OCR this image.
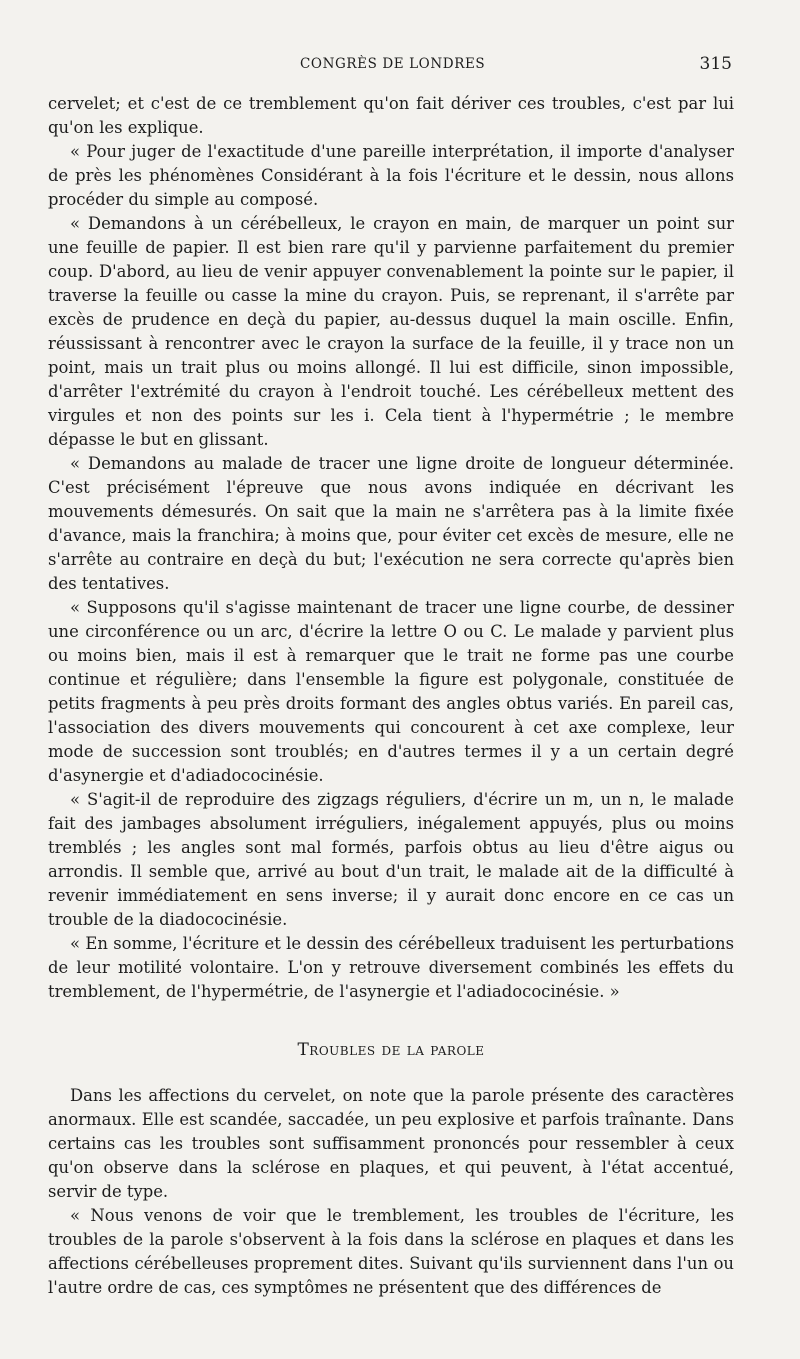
CONGRÈS DE LONDRES	315

cervelet; et c'est de ce tremblement qu'on fait dériver ces troubles, c'est par lui qu'on les explique.

« Pour juger de l'exactitude d'une pareille interprétation, il importe d'analyser de près les phénomènes Considérant à la fois l'écriture et le dessin, nous allons procéder du simple au composé.

« Demandons à un cérébelleux, le crayon en main, de marquer un point sur une feuille de papier. Il est bien rare qu'il y parvienne parfaitement du premier coup. D'abord, au lieu de venir appuyer convenablement la pointe sur le papier, il traverse la feuille ou casse la mine du crayon. Puis, se reprenant, il s'arrête par excès de prudence en deçà du papier, au-dessus duquel la main oscille. Enfin, réussissant à rencontrer avec le crayon la surface de la feuille, il y trace non un point, mais un trait plus ou moins allongé. Il lui est difficile, sinon impossible, d'arrêter l'extrémité du crayon à l'endroit touché. Les cérébelleux mettent des virgules et non des points sur les i. Cela tient à l'hypermétrie ; le membre dépasse le but en glissant.

« Demandons au malade de tracer une ligne droite de longueur déterminée. C'est précisément l'épreuve que nous avons indiquée en décrivant les mouvements démesurés. On sait que la main ne s'arrêtera pas à la limite fixée d'avance, mais la franchira; à moins que, pour éviter cet excès de mesure, elle ne s'arrête au contraire en deçà du but; l'exécution ne sera correcte qu'après bien des tentatives.

« Supposons qu'il s'agisse maintenant de tracer une ligne courbe, de dessiner une circonférence ou un arc, d'écrire la lettre O ou C. Le malade y parvient plus ou moins bien, mais il est à remarquer que le trait ne forme pas une courbe continue et régulière; dans l'ensemble la figure est polygonale, constituée de petits fragments à peu près droits formant des angles obtus variés. En pareil cas, l'association des divers mouvements qui concourent à cet axe complexe, leur mode de succession sont troublés; en d'autres termes il y a un certain degré d'asynergie et d'adiadococinésie.

« S'agit-il de reproduire des zigzags réguliers, d'écrire un m, un n, le malade fait des jambages absolument irréguliers, inégalement appuyés, plus ou moins tremblés ; les angles sont mal formés, parfois obtus au lieu d'être aigus ou arrondis. Il semble que, arrivé au bout d'un trait, le malade ait de la difficulté à revenir immédiatement en sens inverse; il y aurait donc encore en ce cas un trouble de la diadococinésie.

« En somme, l'écriture et le dessin des cérébelleux traduisent les perturbations de leur motilité volontaire. L'on y retrouve diversement combinés les effets du tremblement, de l'hypermétrie, de l'asynergie et l'adiadococinésie. »

Troubles de la parole

Dans les affections du cervelet, on note que la parole présente des caractères anormaux. Elle est scandée, saccadée, un peu explosive et parfois traînante. Dans certains cas les troubles sont suffisamment prononcés pour ressembler à ceux qu'on observe dans la sclérose en plaques, et qui peuvent, à l'état accentué, servir de type.

« Nous venons de voir que le tremblement, les troubles de l'écriture, les troubles de la parole s'observent à la fois dans la sclérose en plaques et dans les affections cérébelleuses proprement dites. Suivant qu'ils surviennent dans l'un ou l'autre ordre de cas, ces symptômes ne présentent que des différences de
